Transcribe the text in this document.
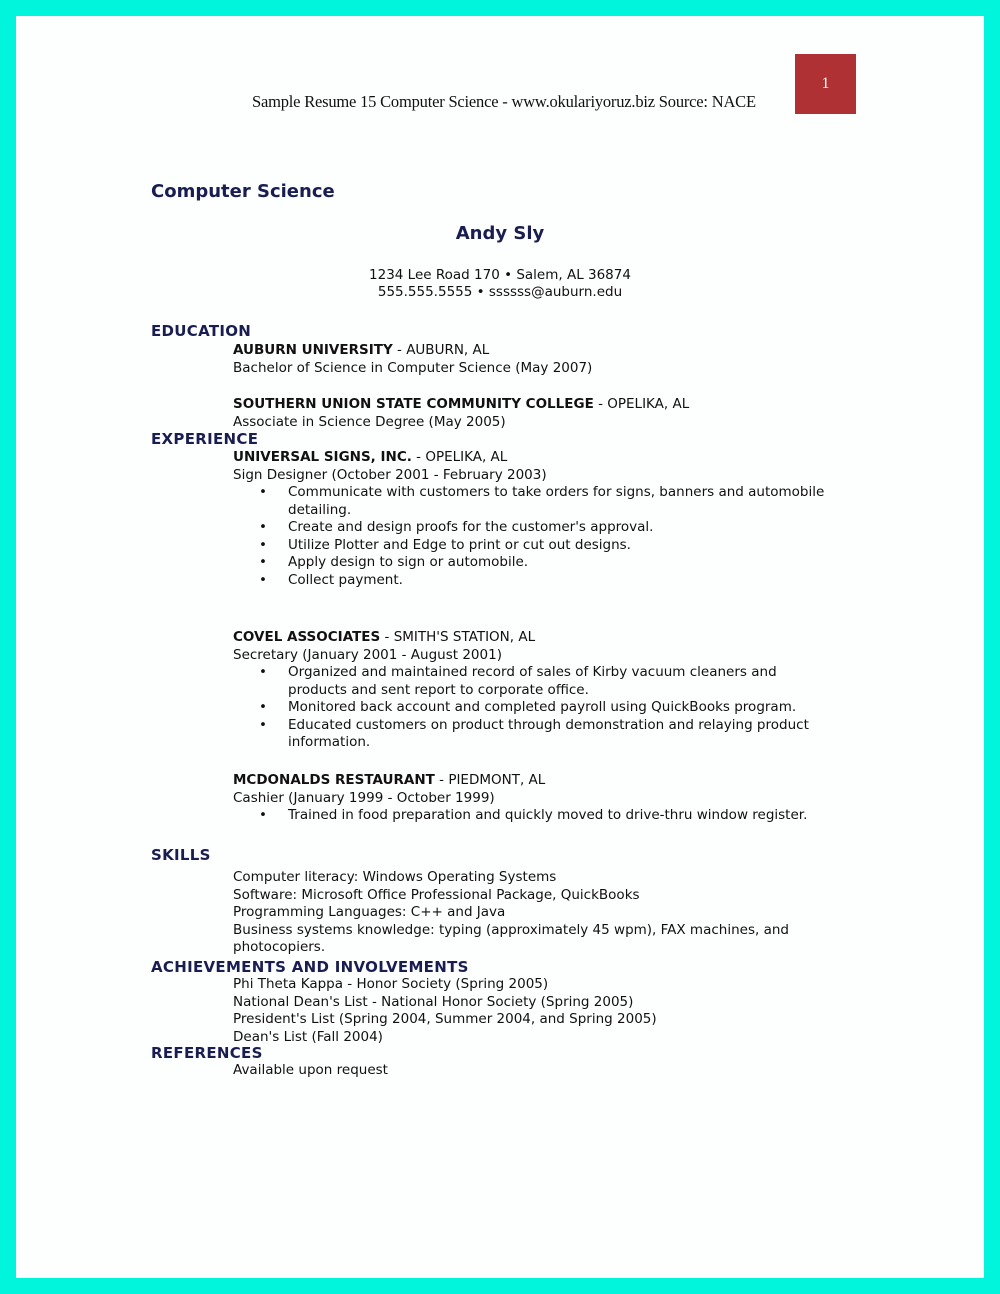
Sample Resume 15 Computer Science - www.okulariyoruz.biz Source: NACE
1
Computer Science
Andy Sly
1234 Lee Road 170 • Salem, AL 36874
555.555.5555 • ssssss@auburn.edu
EDUCATION
AUBURN UNIVERSITY - AUBURN, AL
Bachelor of Science in Computer Science (May 2007)
SOUTHERN UNION STATE COMMUNITY COLLEGE - OPELIKA, AL
Associate in Science Degree (May 2005)
EXPERIENCE
UNIVERSAL SIGNS, INC. - OPELIKA, AL
Sign Designer (October 2001 - February 2003)
• Communicate with customers to take orders for signs, banners and automobile detailing.
• Create and design proofs for the customer's approval.
• Utilize Plotter and Edge to print or cut out designs.
• Apply design to sign or automobile.
• Collect payment.
COVEL ASSOCIATES - SMITH'S STATION, AL
Secretary (January 2001 - August 2001)
• Organized and maintained record of sales of Kirby vacuum cleaners and products and sent report to corporate office.
• Monitored back account and completed payroll using QuickBooks program.
• Educated customers on product through demonstration and relaying product information.
MCDONALDS RESTAURANT - PIEDMONT, AL
Cashier (January 1999 - October 1999)
• Trained in food preparation and quickly moved to drive-thru window register.
SKILLS
Computer literacy: Windows Operating Systems
Software: Microsoft Office Professional Package, QuickBooks
Programming Languages: C++ and Java
Business systems knowledge: typing (approximately 45 wpm), FAX machines, and
photocopiers.
ACHIEVEMENTS AND INVOLVEMENTS
Phi Theta Kappa - Honor Society (Spring 2005)
National Dean's List - National Honor Society (Spring 2005)
President's List (Spring 2004, Summer 2004, and Spring 2005)
Dean's List (Fall 2004)
REFERENCES
Available upon request
